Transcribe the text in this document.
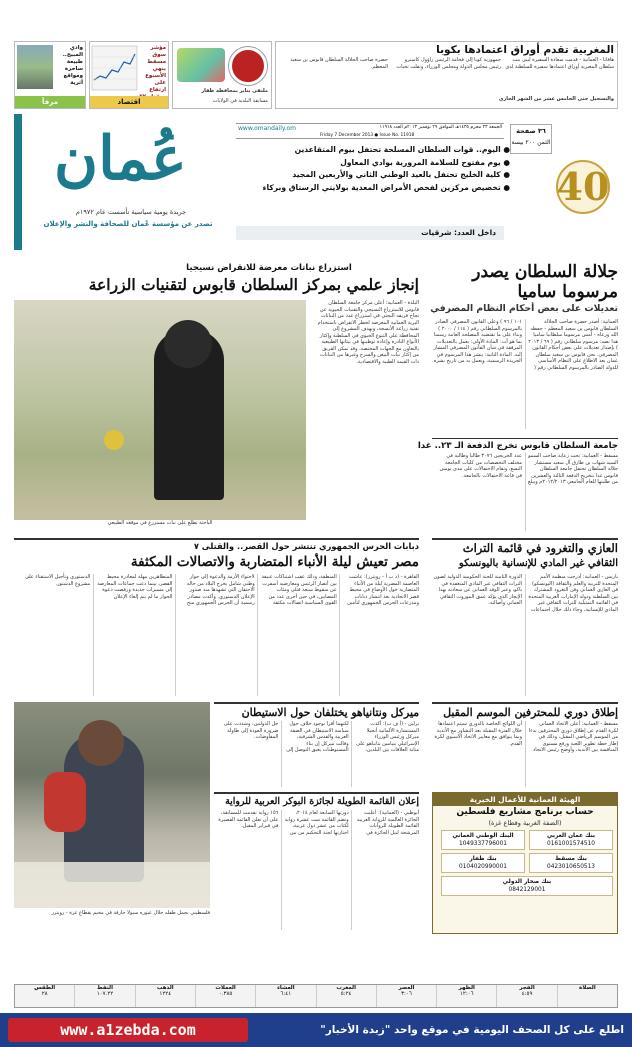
المغربية تقدم أوراق اعتمادها بكوبا
هافانا - العمانية - قدمت سعادة السفيرة لبنى بنت سلطان المغيرية أوراق اعتمادها سفيرة للسلطنة لدى جمهورية كوبا إلى فخامة الرئيس راؤول كاسترو رئيس مجلس الدولة ومجلس الوزراء، ونقلت تحيات حضرة صاحب الجلالة السلطان قابوس بن سعيد المعظم.
والتسجيل حتى الخامس عشر من الشهر الجاري
ملتقى يناير بمحافظة ظفار
مسابقة البلدية في الولايات
مؤشر سوق مسقط ينهي الأسبوع على ارتفاع
اقتصاد
وادي المبيح.. طبيعة ساحرة ومواقع أثرية
مرفأ
عُمان
جريدة يومية سياسية تأسست عام ١٩٧٢م
تصدر عن مؤسسة عُمان للصحافة والنشر والإعلان
www.omandaily.om	الجمعة ٢٣ محرم ١٤٣٥هـ الموافق ٢٩ نوفمبر ٢٠١٣م العدد ١١٩١٨
Friday 7 December 2013 ● Issue No. 11918
● اليوم.. قوات السلطان المسلحة تحتفل بيوم المتقاعدين
● يوم مفتوح للسلامة المرورية بوادي المعاول
● كلية الخليج تحتفل بالعيد الوطني الثاني والأربعين المجيد
● تخصيص مركزين لفحص الأمراض المعدية بولايتي الرستاق وبركاء
داخل العدد: شرقيات
٣٦ صفحة
الثمن ٢٠٠ بيسة
40
جلالة السلطان يصدر
مرسوما ساميا
تعديلات على بعض أحكام النظام المصرفي
العمانية: أصدر حضرة صاحب الجلالة السلطان قابوس بن سعيد المعظم - حفظه الله ورعاه - أمس مرسوما سلطانيا ساميا هذا نصه: مرسوم سلطاني رقم ( ٦٩ / ٢٠١٣ ) بإصدار تعديلات على بعض أحكام القانون المصرفي. نحن قابوس بن سعيد سلطان عمان بعد الاطلاع على النظام الأساسي للدولة الصادر بالمرسوم السلطاني رقم ( ١٠١ / ٩٦ ) وعلى القانون المصرفي الصادر بالمرسوم السلطاني رقم ( ١١٤ / ٢٠٠٠ ) وبناء على ما تقتضيه المصلحة العامة رسمنا بما هو آت: المادة الأولى: يعمل بالتعديلات المرفقة في شأن القانون المصرفي المشار إليه. المادة الثانية: ينشر هذا المرسوم في الجريدة الرسمية، ويعمل به من تاريخ نشره.
جامعة السلطان قابوس تخرج الدفعة الـ ٢٣.. غدا
مسقط - العمانية: تحت رعاية صاحب السمو السيد شهاب بن طارق آل سعيد مستشار جلالة السلطان تحتفل جامعة السلطان قابوس غدا بتخريج الدفعة الثالثة والعشرين من طلبتها للعام الجامعي ٢٠١٢/٢٠١٣م ويبلغ عدد الخريجين ٣٠٧٦ طالبا وطالبة في مختلف التخصصات من كليات الجامعة التسع، وتقام الاحتفالات على مدى يومين في قاعة الاحتفالات بالجامعة.
استزراع نباتات معرضة للانقراض نسيجيا
إنجاز علمي بمركز السلطان قابوس لتقنيات الزراعة
البلدة - العمانية: أعلن مركز جامعة السلطان قابوس للاستزراع النسيجي والتقنيات الحيوية عن نجاح فريقه البحثي في استزراع عدد من النباتات البرية العمانية المعرضة لخطر الانقراض باستخدام تقنية زراعة الأنسجة، ويهدف المشروع إلى المحافظة على التنوع الحيوي في السلطنة وإكثار الأنواع النادرة وإعادة توطينها في بيئاتها الطبيعية بالتعاون مع الجهات المختصة، وقد تمكن الفريق من إكثار نبات البيعن والسرح وغيرها من النباتات ذات القيمة الطبية والاقتصادية.
الباحثة تطلع على نبات مستزرع في موقعه الطبيعي
العازي والتغرود في قائمة التراث
الثقافي غير المادي للإنسانية باليونسكو
باريس - العمانية: أدرجت منظمة الأمم المتحدة للتربية والعلم والثقافة (اليونسكو) فن العازي العماني وفن التغرود المشترك بين السلطنة ودولة الإمارات العربية المتحدة في القائمة التمثيلية للتراث الثقافي غير المادي للإنسانية، وجاء ذلك خلال اجتماعات الدورة الثامنة للجنة الحكومية الدولية لصون التراث الثقافي غير المادي المنعقدة في باكو، وعبر الوفد العماني عن سعادته بهذا الإنجاز الذي يؤكد عمق الموروث الثقافي العماني وأصالته.
دبابات الحرس الجمهوري تنتشر حول القصر.. والقتلى ٧
مصر تعيش ليلة الأنباء المتضاربة والاتصالات المكثفة
القاهرة - (د ب أ - رويترز): عاشت العاصمة المصرية ليلة من الأنباء المتضاربة حول الأوضاع في محيط قصر الاتحادية بعد انتشار دبابات ومدرعات الحرس الجمهوري لتأمين المنطقة، وذلك عقب اشتباكات عنيفة بين أنصار الرئيس ومعارضيه أسفرت عن سقوط سبعة قتلى ومئات المصابين، في حين أجرى عدد من القوى السياسية اتصالات مكثفة لاحتواء الأزمة والدعوة إلى حوار وطني شامل يخرج البلاد من حالة الاحتقان التي تشهدها منذ صدور الإعلان الدستوري. وأكدت مصادر رسمية أن الحرس الجمهوري منح المتظاهرين مهلة لمغادرة محيط القصر، بينما دعت جماعات المعارضة إلى مسيرات جديدة ورفضت دعوة الحوار ما لم يتم إلغاء الإعلان الدستوري وتأجيل الاستفتاء على مشروع الدستور.
إطلاق دوري للمحترفين الموسم المقبل
مسقط - العمانية: أعلن الاتحاد العماني لكرة القدم عن إطلاق دوري المحترفين بدءا من الموسم الرياضي المقبل، وذلك في إطار خطة تطوير اللعبة ورفع مستوى المنافسة بين الأندية، وأوضح رئيس الاتحاد أن اللوائح الخاصة بالدوري سيتم اعتمادها خلال الفترة المقبلة بعد التشاور مع الأندية وبما يتوافق مع معايير الاتحاد الآسيوي لكرة القدم.
ميركل ونتانياهو يختلفان حول الاستيطان
برلين - (أ ف ب): أكدت المستشارة الألمانية أنجيلا ميركل ورئيس الوزراء الإسرائيلي بنيامين نتانياهو على متانة العلاقات بين البلدين، لكنهما أقرا بوجود خلاف حول سياسة الاستيطان في الضفة الغربية والقدس الشرقية، وقالت ميركل إن بناء المستوطنات يعيق التوصل إلى حل الدولتين، وشددت على ضرورة العودة إلى طاولة المفاوضات.
فلسطيني يحمل طفله خلال عبوره سيولا جارفة في مخيم بقطاع غزة - رويترز
إعلان القائمة الطويلة لجائزة البوكر العربية للرواية
أبوظبي - (العمانية): أعلنت الجائزة العالمية للرواية العربية القائمة الطويلة للروايات المرشحة لنيل الجائزة في دورتها السابعة لعام ٢٠١٤، وتضم القائمة ست عشرة رواية لكتاب من عشر دول عربية، اختارتها لجنة التحكيم من بين ١٥٦ رواية تقدمت للمسابقة، على أن تعلن القائمة القصيرة في فبراير المقبل.
الهيئة العمانية للأعمال الخيرية
حساب برنامج مشاريع فلسطين
(الضفة الغربية وقطاع غزة)
بنك عمان العربي
0161001574510
البنك الوطني العماني
1049337796001
بنك مسقط
0423010650513
بنك ظفار
0104020990001
بنك صحار الدولي
0842129001
الصلاة
الفجر
٤:٥٩
الظهر
١٢:٠٦
العصر
٣:٠٦
المغرب
٥:٢٤
العشاء
٦:٤١
العملات
٠.٣٨٥
الذهب
١٢٢٤
النفط
١٠٧.٢٢
الطقس
٢٨
www.a1zebda.com	اطلع على كل الصحف اليومية في موقع واحد "زبدة الأخبار"
